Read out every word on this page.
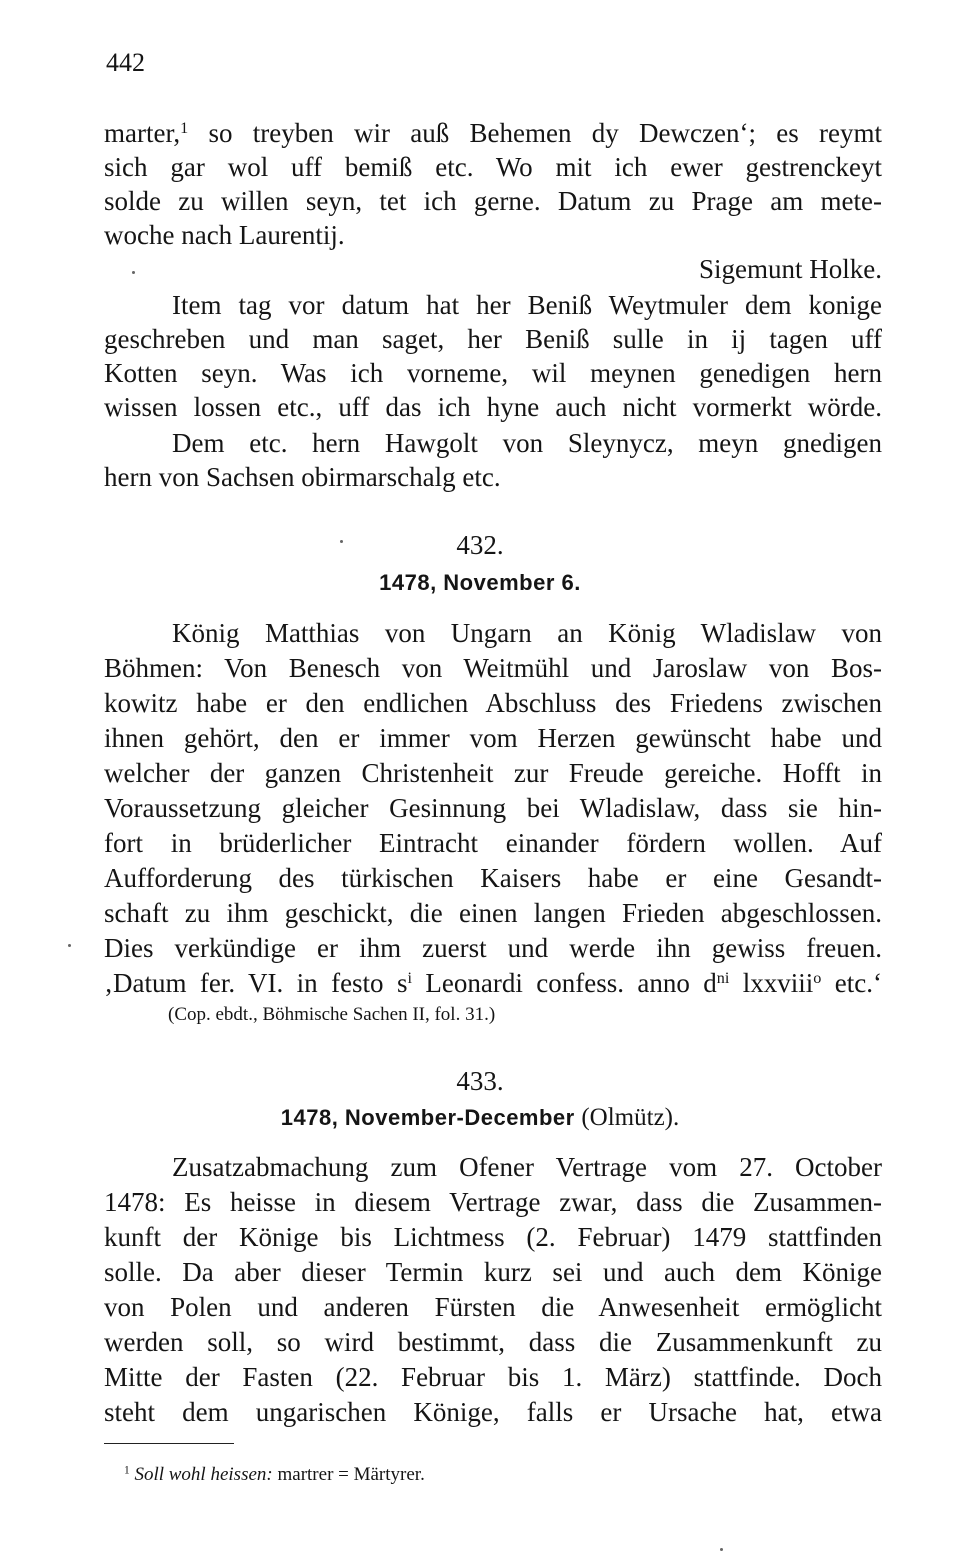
442
marter,$^1$ so treyben wir auß Behemen dy Dewczen‘; es reymt
sich gar wol uff bemiß etc. Wo mit ich ewer gestrenckeyt
solde zu willen seyn, tet ich gerne. Datum zu Prage am mete-
woche nach Laurentij.
Sigemunt Holke.
Item tag vor datum hat her Beniß Weytmuler dem konige
geschreben und man saget, her Beniß sulle in ij tagen uff
Kotten seyn. Was ich vorneme, wil meynen genedigen hern
wissen lossen etc., uff das ich hyne auch nicht vormerkt wörde.
Dem etc. hern Hawgolt von Sleynycz, meyn gnedigen
hern von Sachsen obirmarschalg etc.
432.
1478, November 6.
König Matthias von Ungarn an König Wladislaw von
Böhmen: Von Benesch von Weitmühl und Jaroslaw von Bos-
kowitz habe er den endlichen Abschluss des Friedens zwischen
ihnen gehört, den er immer vom Herzen gewünscht habe und
welcher der ganzen Christenheit zur Freude gereiche. Hofft in
Voraussetzung gleicher Gesinnung bei Wladislaw, dass sie hin-
fort in brüderlicher Eintracht einander fördern wollen. Auf
Aufforderung des türkischen Kaisers habe er eine Gesandt-
schaft zu ihm geschickt, die einen langen Frieden abgeschlossen.
Dies verkündige er ihm zuerst und werde ihn gewiss freuen.
‚Datum fer. VI. in festo $s^i$ Leonardi confess. anno $d^{ni}$ lxxviii$^o$ etc.‘
(Cop. ebdt., Böhmische Sachen II, fol. 31.)
433.
1478, November-December (Olmütz).
Zusatzabmachung zum Ofener Vertrage vom 27. October
1478: Es heisse in diesem Vertrage zwar, dass die Zusammen-
kunft der Könige bis Lichtmess (2. Februar) 1479 stattfinden
solle. Da aber dieser Termin kurz sei und auch dem Könige
von Polen und anderen Fürsten die Anwesenheit ermöglicht
werden soll, so wird bestimmt, dass die Zusammenkunft zu
Mitte der Fasten (22. Februar bis 1. März) stattfinde. Doch
steht dem ungarischen Könige, falls er Ursache hat, etwa
$^1$ Soll wohl heissen: martrer = Märtyrer.
